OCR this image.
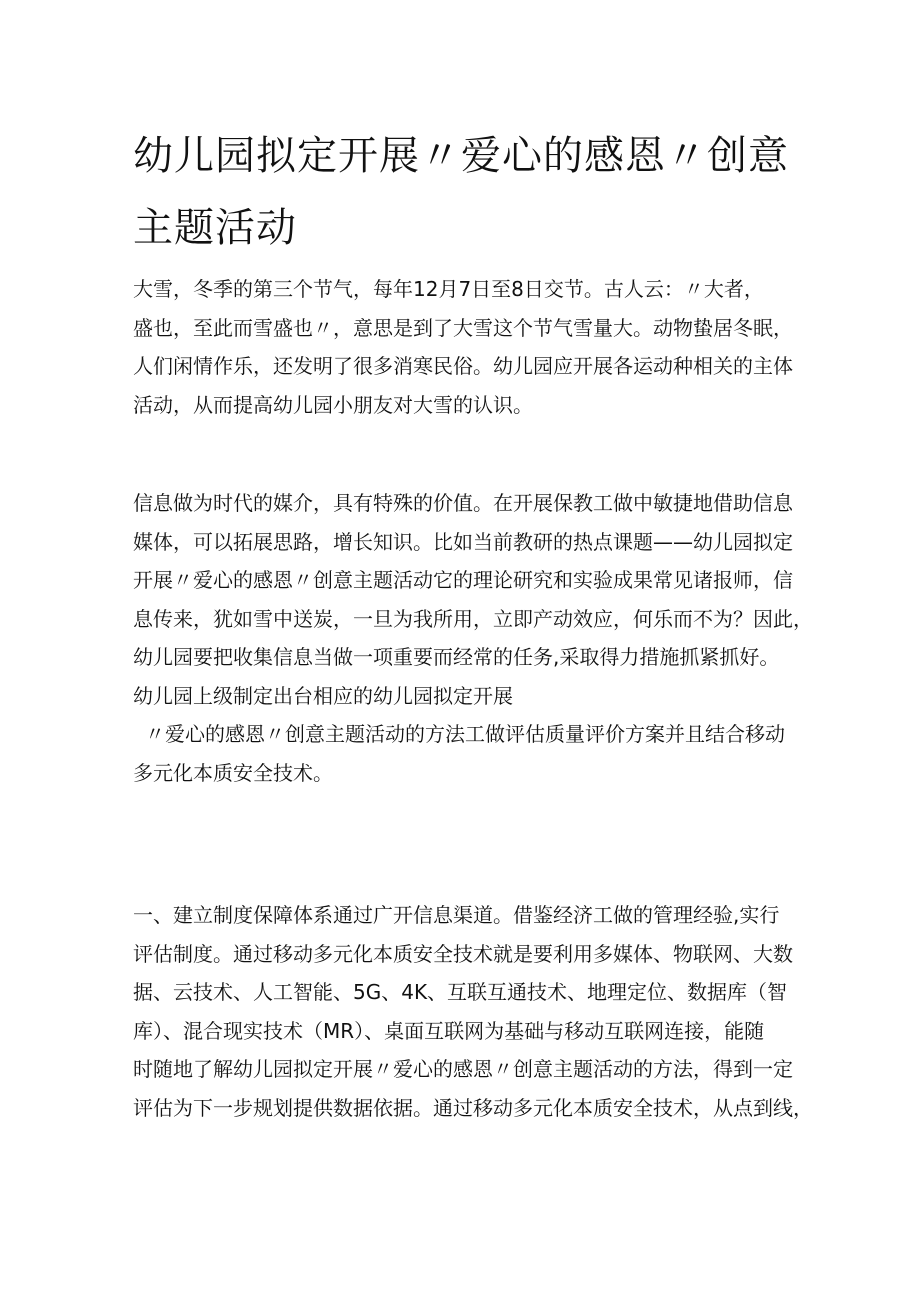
幼儿园拟定开展〃爱心的感恩〃创意
主题活动
大雪，冬季的第三个节气，每年12月7日至8日交节。古人云：〃大者，
盛也，至此而雪盛也〃，意思是到了大雪这个节气雪量大。动物蛰居冬眠，
人们闲情作乐，还发明了很多消寒民俗。幼儿园应开展各运动种相关的主体
活动，从而提高幼儿园小朋友对大雪的认识。
信息做为时代的媒介，具有特殊的价值。在开展保教工做中敏捷地借助信息
媒体，可以拓展思路，增长知识。比如当前教研的热点课题——幼儿园拟定
开展〃爱心的感恩〃创意主题活动它的理论研究和实验成果常见诸报师，信
息传来，犹如雪中送炭，一旦为我所用，立即产动效应，何乐而不为？因此，
幼儿园要把收集信息当做一项重要而经常的任务,采取得力措施抓紧抓好。
幼儿园上级制定出台相应的幼儿园拟定开展
〃爱心的感恩〃创意主题活动的方法工做评估质量评价方案并且结合移动
多元化本质安全技术。
一、建立制度保障体系通过广开信息渠道。借鉴经济工做的管理经验,实行
评估制度。通过移动多元化本质安全技术就是要利用多媒体、物联网、大数
据、云技术、人工智能、5G、4K、互联互通技术、地理定位、数据库（智
库）、混合现实技术（MR）、桌面互联网为基础与移动互联网连接，能随
时随地了解幼儿园拟定开展〃爱心的感恩〃创意主题活动的方法，得到一定
评估为下一步规划提供数据依据。通过移动多元化本质安全技术，从点到线，
